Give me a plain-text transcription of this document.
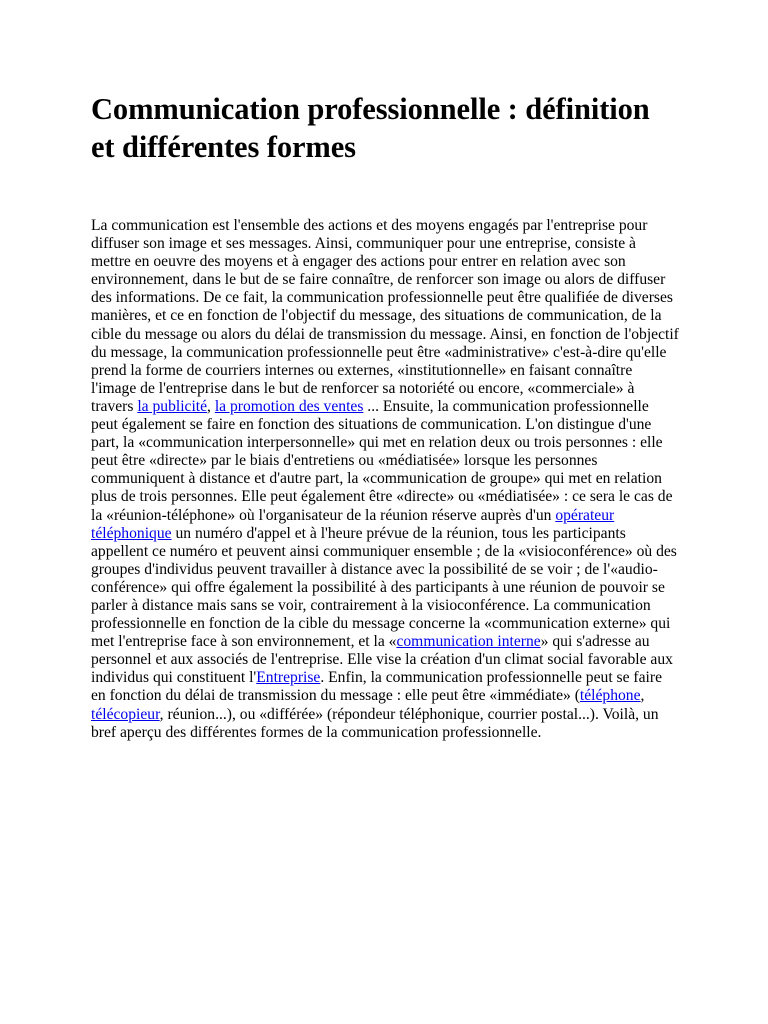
Communication professionnelle : définition et différentes formes

La communication est l'ensemble des actions et des moyens engagés par l'entreprise pour diffuser son image et ses messages. Ainsi, communiquer pour une entreprise, consiste à mettre en oeuvre des moyens et à engager des actions pour entrer en relation avec son environnement, dans le but de se faire connaître, de renforcer son image ou alors de diffuser des informations. De ce fait, la communication professionnelle peut être qualifiée de diverses manières, et ce en fonction de l'objectif du message, des situations de communication, de la cible du message ou alors du délai de transmission du message. Ainsi, en fonction de l'objectif du message, la communication professionnelle peut être «administrative» c'est-à-dire qu'elle prend la forme de courriers internes ou externes, «institutionnelle» en faisant connaître l'image de l'entreprise dans le but de renforcer sa notoriété ou encore, «commerciale» à travers la publicité, la promotion des ventes ... Ensuite, la communication professionnelle peut également se faire en fonction des situations de communication. L'on distingue d'une part, la «communication interpersonnelle» qui met en relation deux ou trois personnes : elle peut être «directe» par le biais d'entretiens ou «médiatisée» lorsque les personnes communiquent à distance et d'autre part, la «communication de groupe» qui met en relation plus de trois personnes. Elle peut également être «directe» ou «médiatisée» : ce sera le cas de la «réunion-téléphone» où l'organisateur de la réunion réserve auprès d'un opérateur téléphonique un numéro d'appel et à l'heure prévue de la réunion, tous les participants appellent ce numéro et peuvent ainsi communiquer ensemble ; de la «visioconférence» où des groupes d'individus peuvent travailler à distance avec la possibilité de se voir ; de l'«audio-conférence» qui offre également la possibilité à des participants à une réunion de pouvoir se parler à distance mais sans se voir, contrairement à la visioconférence. La communication professionnelle en fonction de la cible du message concerne la «communication externe» qui met l'entreprise face à son environnement, et la «communication interne» qui s'adresse au personnel et aux associés de l'entreprise. Elle vise la création d'un climat social favorable aux individus qui constituent l'Entreprise. Enfin, la communication professionnelle peut se faire en fonction du délai de transmission du message : elle peut être «immédiate» (téléphone, télécopieur, réunion...), ou «différée» (répondeur téléphonique, courrier postal...). Voilà, un bref aperçu des différentes formes de la communication professionnelle.
